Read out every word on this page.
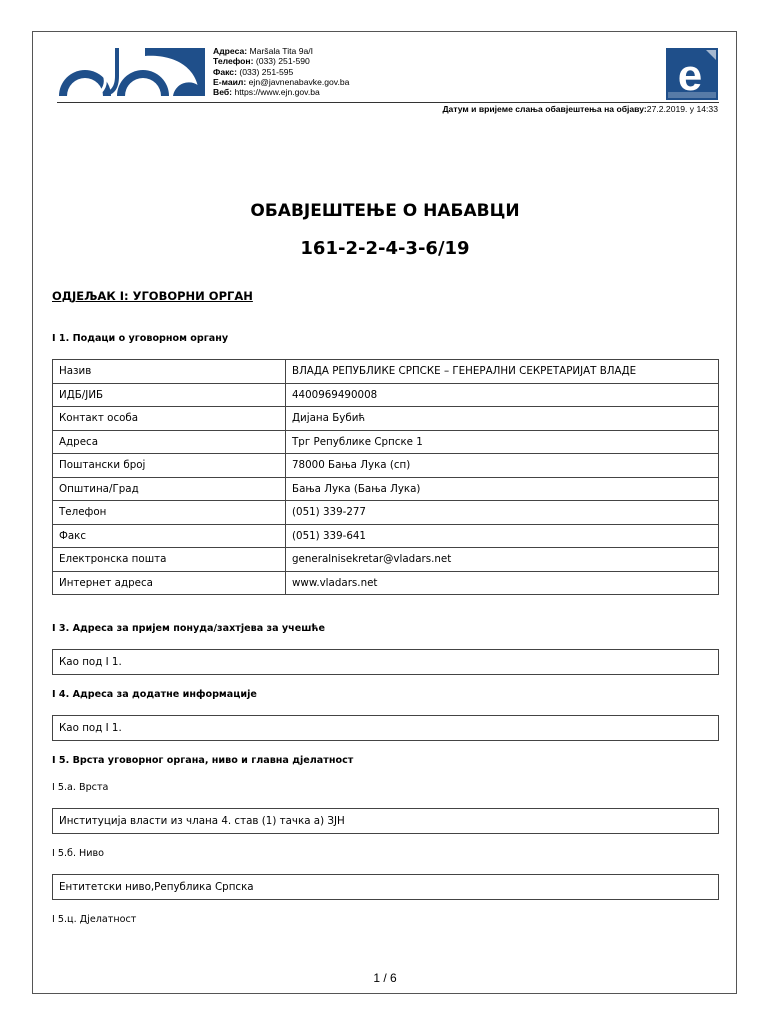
Адреса: Maršala Tita 9a/I
Телефон: (033) 251-590
Факс: (033) 251-595
E-маил: ejn@javnenabavke.gov.ba
Веб: https://www.ejn.gov.ba	e
Датум и вријеме слања обавјештења на објаву:27.2.2019. у 14:33
ОБАВЈЕШТЕЊЕ О НАБАВЦИ
161-2-2-4-3-6/19
ОДЈЕЉАК I: УГОВОРНИ ОРГАН
I 1. Подаци о уговорном органу
Назив	ВЛАДА РЕПУБЛИКЕ СРПСКЕ – ГЕНЕРАЛНИ СЕКРЕТАРИЈАТ ВЛАДЕ
ИДБ/ЈИБ	4400969490008
Контакт особа	Дијана Бубић
Адреса	Трг Републике Српске 1
Поштански број	78000 Бања Лука (сп)
Општина/Град	Бања Лука (Бања Лука)
Телефон	(051) 339-277
Факс	(051) 339-641
Електронска пошта	generalnisekretar@vladars.net
Интернет адреса	www.vladars.net
I 3. Адреса за пријем понуда/захтјева за учешће
Као под I 1.
I 4. Адреса за додатне информације
Као под I 1.
I 5. Врста уговорног органа, ниво и главна дјелатност
I 5.а. Врста
Институција власти из члана 4. став (1) тачка а) ЗЈН
I 5.б. Ниво
Ентитетски ниво,Република Српска
I 5.ц. Дјелатност
1 / 6
